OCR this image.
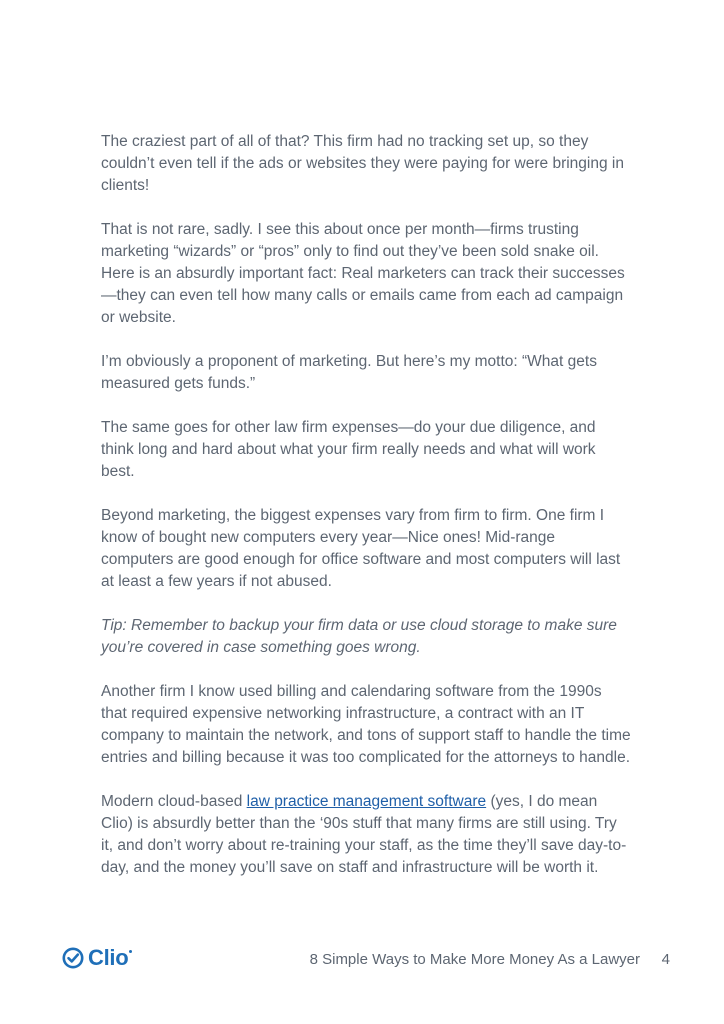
The craziest part of all of that? This firm had no tracking set up, so they couldn’t even tell if the ads or websites they were paying for were bringing in clients!

That is not rare, sadly. I see this about once per month—firms trusting marketing “wizards” or “pros” only to find out they’ve been sold snake oil. Here is an absurdly important fact: Real marketers can track their successes—they can even tell how many calls or emails came from each ad campaign or website.

I’m obviously a proponent of marketing. But here’s my motto: “What gets measured gets funds.”

The same goes for other law firm expenses—do your due diligence, and think long and hard about what your firm really needs and what will work best.

Beyond marketing, the biggest expenses vary from firm to firm. One firm I know of bought new computers every year—Nice ones! Mid-range computers are good enough for office software and most computers will last at least a few years if not abused.

Tip: Remember to backup your firm data or use cloud storage to make sure you’re covered in case something goes wrong.

Another firm I know used billing and calendaring software from the 1990s that required expensive networking infrastructure, a contract with an IT company to maintain the network, and tons of support staff to handle the time entries and billing because it was too complicated for the attorneys to handle.

Modern cloud-based law practice management software (yes, I do mean Clio) is absurdly better than the ‘90s stuff that many firms are still using. Try it, and don’t worry about re-training your staff, as the time they’ll save day-to-day, and the money you’ll save on staff and infrastructure will be worth it.

Clio	8 Simple Ways to Make More Money As a Lawyer 4
